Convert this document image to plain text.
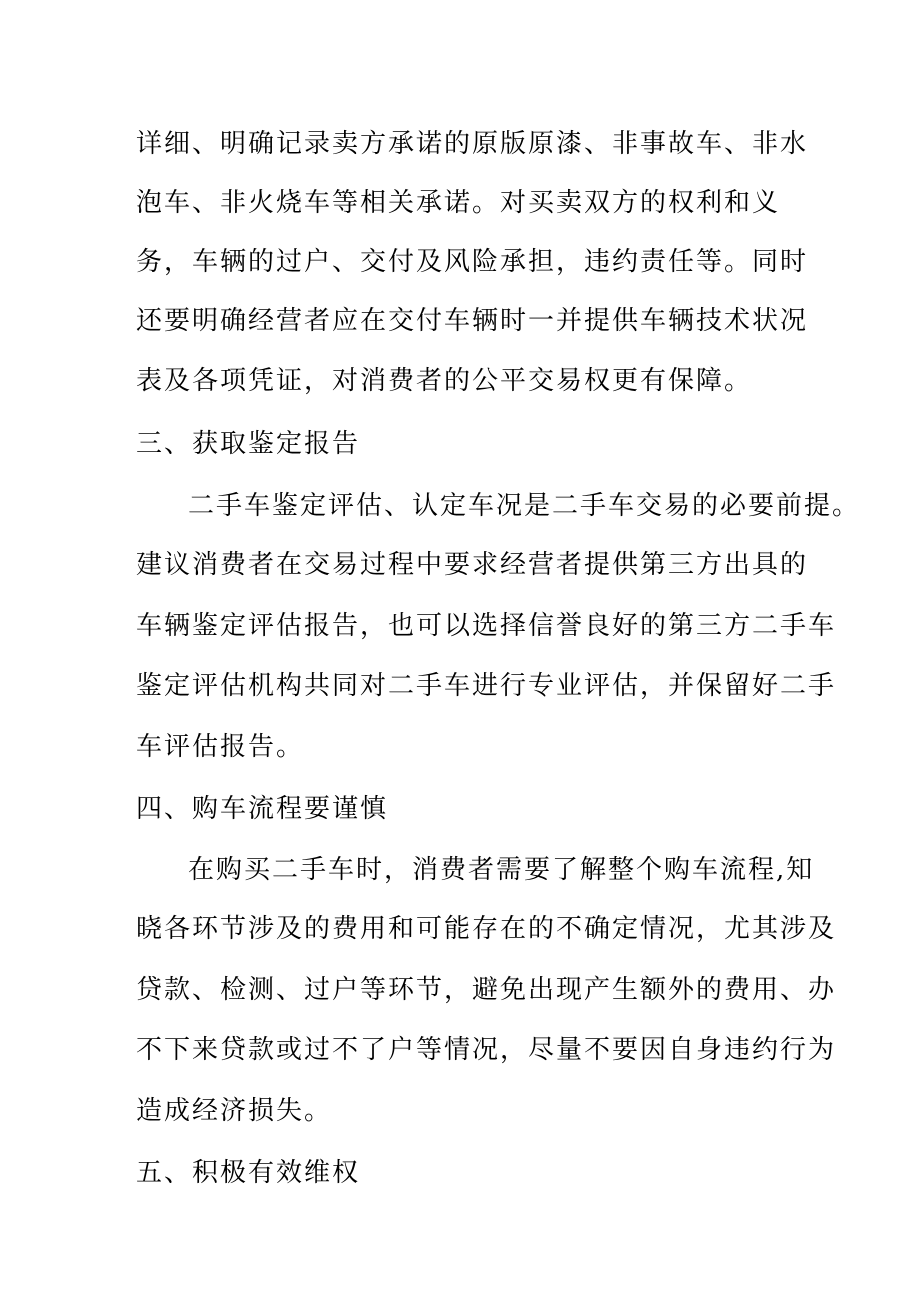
详细、明确记录卖方承诺的原版原漆、非事故车、非水
泡车、非火烧车等相关承诺。对买卖双方的权利和义
务，车辆的过户、交付及风险承担，违约责任等。同时
还要明确经营者应在交付车辆时一并提供车辆技术状况
表及各项凭证，对消费者的公平交易权更有保障。
三、获取鉴定报告
二手车鉴定评估、认定车况是二手车交易的必要前提。
建议消费者在交易过程中要求经营者提供第三方出具的
车辆鉴定评估报告，也可以选择信誉良好的第三方二手车
鉴定评估机构共同对二手车进行专业评估，并保留好二手
车评估报告。
四、购车流程要谨慎
在购买二手车时，消费者需要了解整个购车流程,知
晓各环节涉及的费用和可能存在的不确定情况，尤其涉及
贷款、检测、过户等环节，避免出现产生额外的费用、办
不下来贷款或过不了户等情况，尽量不要因自身违约行为
造成经济损失。
五、积极有效维权
